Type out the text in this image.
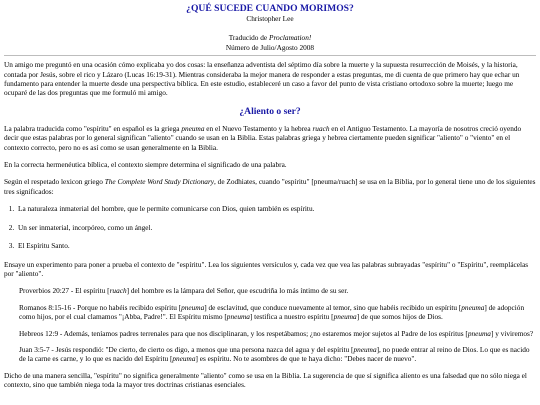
¿QUÉ SUCEDE CUANDO MORIMOS?
Christopher Lee
Traducido de Proclamation!
Número de Julio/Agosto 2008

Un amigo me preguntó en una ocasión cómo explicaba yo dos cosas: la enseñanza adventista del séptimo día sobre la muerte y la supuesta resurrección de Moisés, y la historia, contada por Jesús, sobre el rico y Lázaro (Lucas 16:19-31). Mientras consideraba la mejor manera de responder a estas preguntas, me di cuenta de que primero hay que echar un fundamento para entender la muerte desde una perspectiva bíblica. En este estudio, estableceré un caso a favor del punto de vista cristiano ortodoxo sobre la muerte; luego me ocuparé de las dos preguntas que me formuló mi amigo.

¿Aliento o ser?

La palabra traducida como "espíritu" en español es la griega pneuma en el Nuevo Testamento y la hebrea ruach en el Antiguo Testamento. La mayoría de nosotros creció oyendo decir que estas palabras por lo general significan "aliento" cuando se usan en la Biblia. Estas palabras griega y hebrea ciertamente pueden significar "aliento" o "viento" en el contexto correcto, pero no es así como se usan generalmente en la Biblia.

En la correcta hermenéutica bíblica, el contexto siempre determina el significado de una palabra.

Según el respetado lexicon griego The Complete Word Study Dictionary, de Zodhiates, cuando "espíritu" [pneuma/ruach] se usa en la Biblia, por lo general tiene uno de los siguientes tres significados:

1. La naturaleza inmaterial del hombre, que le permite comunicarse con Dios, quien también es espíritu.
2. Un ser inmaterial, incorpóreo, como un ángel.
3. El Espíritu Santo.

Ensaye un experimento para poner a prueba el contexto de "espíritu". Lea los siguientes versículos y, cada vez que vea las palabras subrayadas "espíritu" o "Espíritu", reemplácelas por "aliento".

Proverbios 20:27 - El espíritu [ruach] del hombre es la lámpara del Señor, que escudriña lo más íntimo de su ser.
Romanos 8:15-16 - Porque no habéis recibido espíritu [pneuma] de esclavitud, que conduce nuevamente al temor, sino que habéis recibido un espíritu [pneuma] de adopción como hijos, por el cual clamamos "¡Abba, Padre!". El Espíritu mismo [pneuma] testifica a nuestro espíritu [pneuma] de que somos hijos de Dios.
Hebreos 12:9 - Además, teníamos padres terrenales para que nos disciplinaran, y los respetábamos; ¿no estaremos mejor sujetos al Padre de los espíritus [pneuma] y viviremos?
Juan 3:5-7 - Jesús respondió: "De cierto, de cierto os digo, a menos que una persona nazca del agua y del espíritu [pneuma], no puede entrar al reino de Dios. Lo que es nacido de la carne es carne, y lo que es nacido del Espíritu [pneuma] es espíritu. No te asombres de que te haya dicho: "Debes nacer de nuevo".

Dicho de una manera sencilla, "espíritu" no significa generalmente "aliento" como se usa en la Biblia. La sugerencia de que sí significa aliento es una falsedad que no sólo niega el contexto, sino que también niega toda la mayor tres doctrinas cristianas esenciales.
